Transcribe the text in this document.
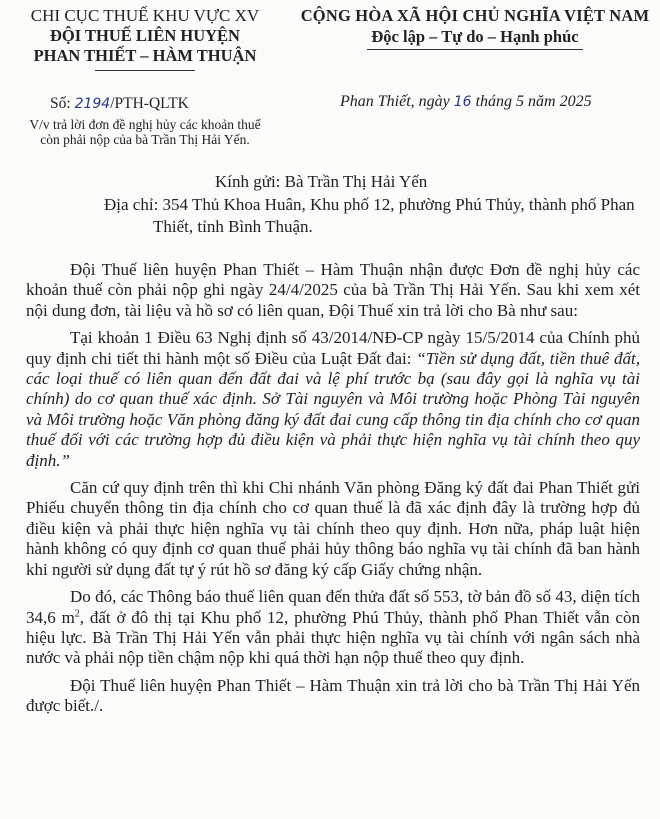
CHI CỤC THUẾ KHU VỰC XV
ĐỘI THUẾ LIÊN HUYỆN
PHAN THIẾT – HÀM THUẬN
CỘNG HÒA XÃ HỘI CHỦ NGHĨA VIỆT NAM
Độc lập – Tự do – Hạnh phúc
Số: 2194/PTH-QLTK
V/v trả lời đơn đề nghị hủy các khoản thuế
còn phải nộp của bà Trần Thị Hải Yến.
Phan Thiết, ngày 16 tháng 5 năm 2025
Kính gửi: Bà Trần Thị Hải Yến
Địa chỉ: 354 Thủ Khoa Huân, Khu phố 12, phường Phú Thủy, thành phố Phan Thiết, tỉnh Bình Thuận.

Đội Thuế liên huyện Phan Thiết – Hàm Thuận nhận được Đơn đề nghị hủy các khoản thuế còn phải nộp ghi ngày 24/4/2025 của bà Trần Thị Hải Yến. Sau khi xem xét nội dung đơn, tài liệu và hồ sơ có liên quan, Đội Thuế xin trả lời cho Bà như sau:

Tại khoản 1 Điều 63 Nghị định số 43/2014/NĐ-CP ngày 15/5/2014 của Chính phủ quy định chi tiết thi hành một số Điều của Luật Đất đai: “Tiền sử dụng đất, tiền thuê đất, các loại thuế có liên quan đến đất đai và lệ phí trước bạ (sau đây gọi là nghĩa vụ tài chính) do cơ quan thuế xác định. Sở Tài nguyên và Môi trường hoặc Phòng Tài nguyên và Môi trường hoặc Văn phòng đăng ký đất đai cung cấp thông tin địa chính cho cơ quan thuế đối với các trường hợp đủ điều kiện và phải thực hiện nghĩa vụ tài chính theo quy định.”

Căn cứ quy định trên thì khi Chi nhánh Văn phòng Đăng ký đất đai Phan Thiết gửi Phiếu chuyển thông tin địa chính cho cơ quan thuế là đã xác định đây là trường hợp đủ điều kiện và phải thực hiện nghĩa vụ tài chính theo quy định. Hơn nữa, pháp luật hiện hành không có quy định cơ quan thuế phải hủy thông báo nghĩa vụ tài chính đã ban hành khi người sử dụng đất tự ý rút hồ sơ đăng ký cấp Giấy chứng nhận.

Do đó, các Thông báo thuế liên quan đến thửa đất số 553, tờ bản đồ số 43, diện tích 34,6 $m^2$, đất ở đô thị tại Khu phố 12, phường Phú Thủy, thành phố Phan Thiết vẫn còn hiệu lực. Bà Trần Thị Hải Yến vẫn phải thực hiện nghĩa vụ tài chính với ngân sách nhà nước và phải nộp tiền chậm nộp khi quá thời hạn nộp thuế theo quy định.

Đội Thuế liên huyện Phan Thiết – Hàm Thuận xin trả lời cho bà Trần Thị Hải Yến được biết./.
